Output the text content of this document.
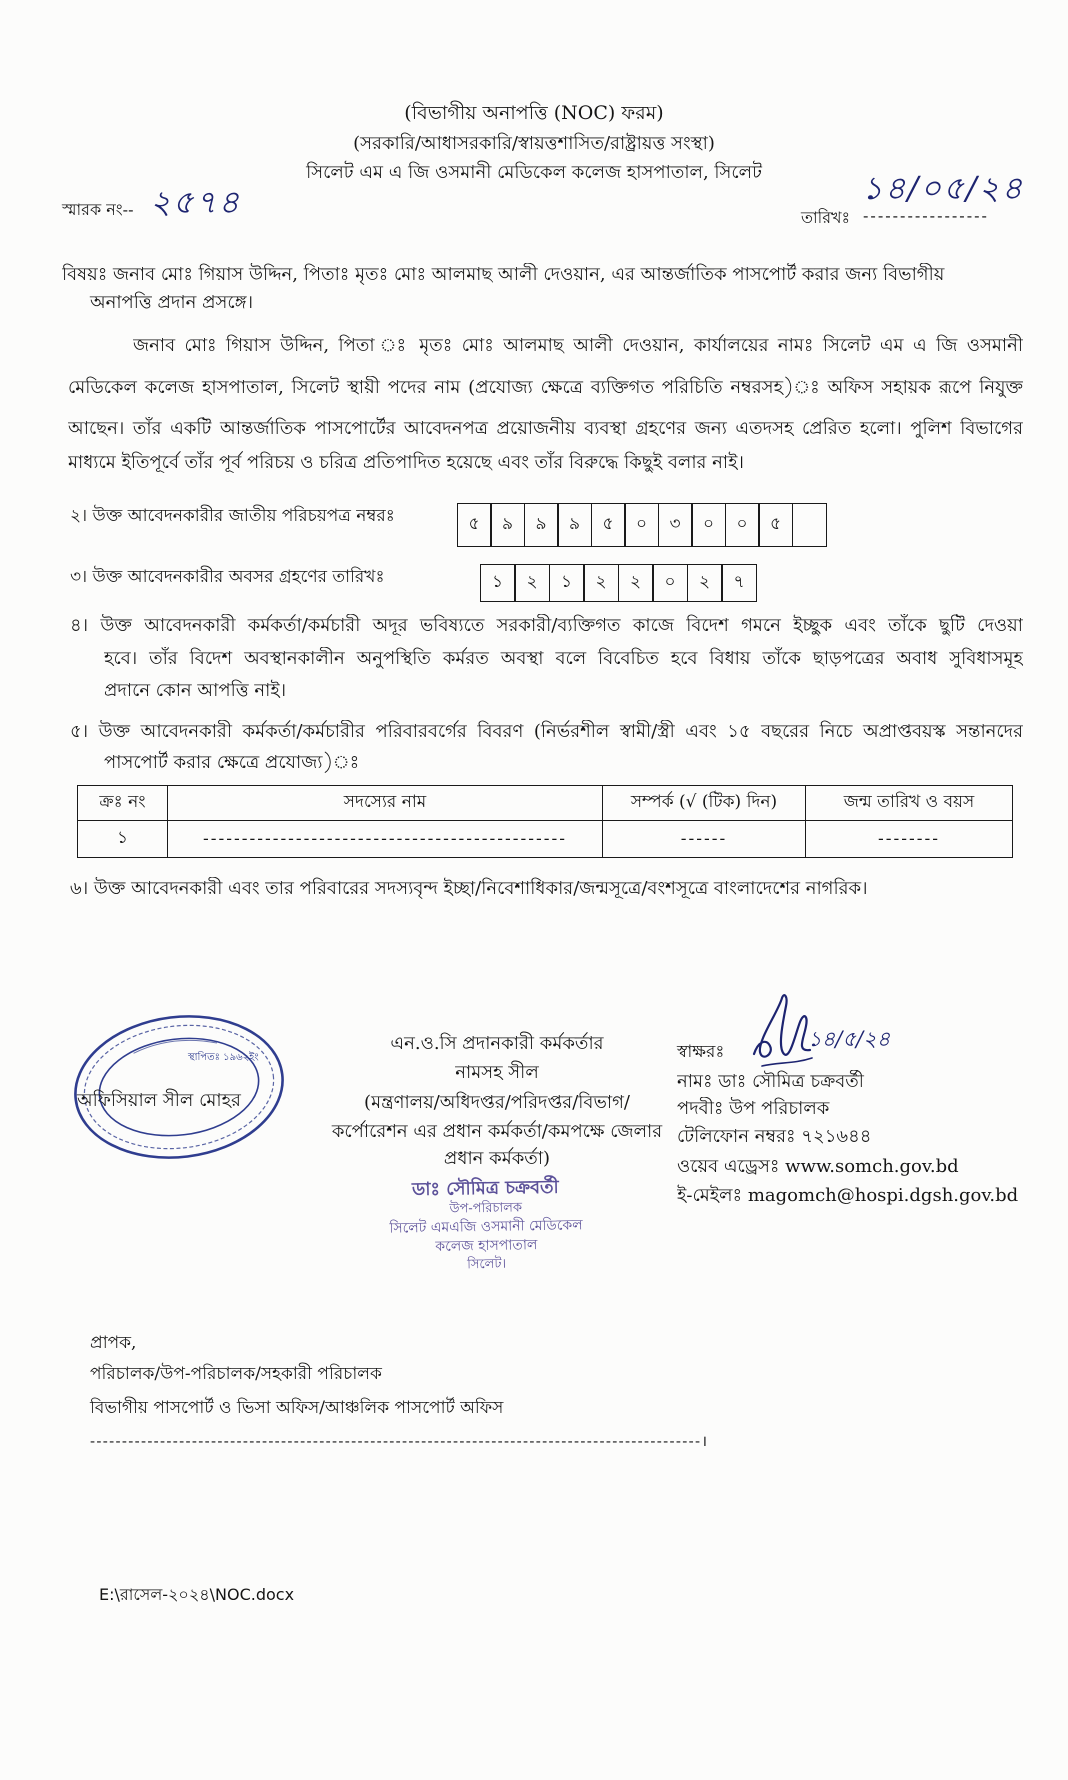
(বিভাগীয় অনাপত্তি (NOC) ফরম)
(সরকারি/আধাসরকারি/স্বায়ত্তশাসিত/রাষ্ট্রায়ত্ত সংস্থা)
সিলেট এম এ জি ওসমানী মেডিকেল কলেজ হাসপাতাল, সিলেট
স্মারক নং-- ২৫৭৪	তারিখঃ -----------------
১৪/০৫/২৪
বিষয়ঃ জনাব মোঃ গিয়াস উদ্দিন, পিতাঃ মৃতঃ মোঃ আলমাছ আলী দেওয়ান, এর আন্তর্জাতিক পাসপোর্ট করার জন্য বিভাগীয়
অনাপত্তি প্রদান প্রসঙ্গে।
জনাব মোঃ গিয়াস উদ্দিন, পিতা ঃ মৃতঃ মোঃ আলমাছ আলী দেওয়ান, কার্যালয়ের নামঃ সিলেট এম এ জি ওসমানী
মেডিকেল কলেজ হাসপাতাল, সিলেট স্থায়ী পদের নাম (প্রযোজ্য ক্ষেত্রে ব্যক্তিগত পরিচিতি নম্বরসহ)ঃ অফিস সহায়ক রূপে নিযুক্ত
আছেন। তাঁর একটি আন্তর্জাতিক পাসপোর্টের আবেদনপত্র প্রয়োজনীয় ব্যবস্থা গ্রহণের জন্য এতদসহ প্রেরিত হলো। পুলিশ বিভাগের
মাধ্যমে ইতিপূর্বে তাঁর পূর্ব পরিচয় ও চরিত্র প্রতিপাদিত হয়েছে এবং তাঁর বিরুদ্ধে কিছুই বলার নাই।
২। উক্ত আবেদনকারীর জাতীয় পরিচয়পত্র নম্বরঃ	৫	৯	৯	৯	৫	০	৩	০	০	৫
৩। উক্ত আবেদনকারীর অবসর গ্রহণের তারিখঃ	১	২	১	২	২	০	২	৭
৪। উক্ত আবেদনকারী কর্মকর্তা/কর্মচারী অদূর ভবিষ্যতে সরকারী/ব্যক্তিগত কাজে বিদেশ গমনে ইচ্ছুক এবং তাঁকে ছুটি দেওয়া
হবে। তাঁর বিদেশ অবস্থানকালীন অনুপস্থিতি কর্মরত অবস্থা বলে বিবেচিত হবে বিধায় তাঁকে ছাড়পত্রের অবাধ সুবিধাসমূহ
প্রদানে কোন আপত্তি নাই।
৫। উক্ত আবেদনকারী কর্মকর্তা/কর্মচারীর পরিবারবর্গের বিবরণ (নির্ভরশীল স্বামী/স্ত্রী এবং ১৫ বছরের নিচে অপ্রাপ্তবয়স্ক সন্তানদের
পাসপোর্ট করার ক্ষেত্রে প্রযোজ্য)ঃ
ক্রঃ নং	সদস্যের নাম	সম্পর্ক (√ (টিক) দিন)	জন্ম তারিখ ও বয়স
১	-----------------------------------------------	------	--------
৬। উক্ত আবেদনকারী এবং তার পরিবারের সদস্যবৃন্দ ইচ্ছা/নিবেশাধিকার/জন্মসূত্রে/বংশসূত্রে বাংলাদেশের নাগরিক।
স্থাপিতঃ ১৯৬২ইং
অফিসিয়াল সীল মোহর
এন.ও.সি প্রদানকারী কর্মকর্তার
নামসহ সীল
(মন্ত্রণালয়/অধিদপ্তর/পরিদপ্তর/বিভাগ/
কর্পোরেশন এর প্রধান কর্মকর্তা/কমপক্ষে জেলার
প্রধান কর্মকর্তা)
ডাঃ সৌমিত্র চক্রবর্তী
উপ-পরিচালক
সিলেট এমএজি ওসমানী মেডিকেল
কলেজ হাসপাতাল
সিলেট।
স্বাক্ষরঃ
১৪/৫/২৪
নামঃ ডাঃ সৌমিত্র চক্রবর্তী
পদবীঃ উপ পরিচালক
টেলিফোন নম্বরঃ ৭২১৬৪৪
ওয়েব এড্রেসঃ www.somch.gov.bd
ই-মেইলঃ magomch@hospi.dgsh.gov.bd
প্রাপক,
পরিচালক/উপ-পরিচালক/সহকারী পরিচালক
বিভাগীয় পাসপোর্ট ও ভিসা অফিস/আঞ্চলিক পাসপোর্ট অফিস
------------------------------------------------------------------------------------------------।
E:\রাসেল-২০২৪\NOC.docx
